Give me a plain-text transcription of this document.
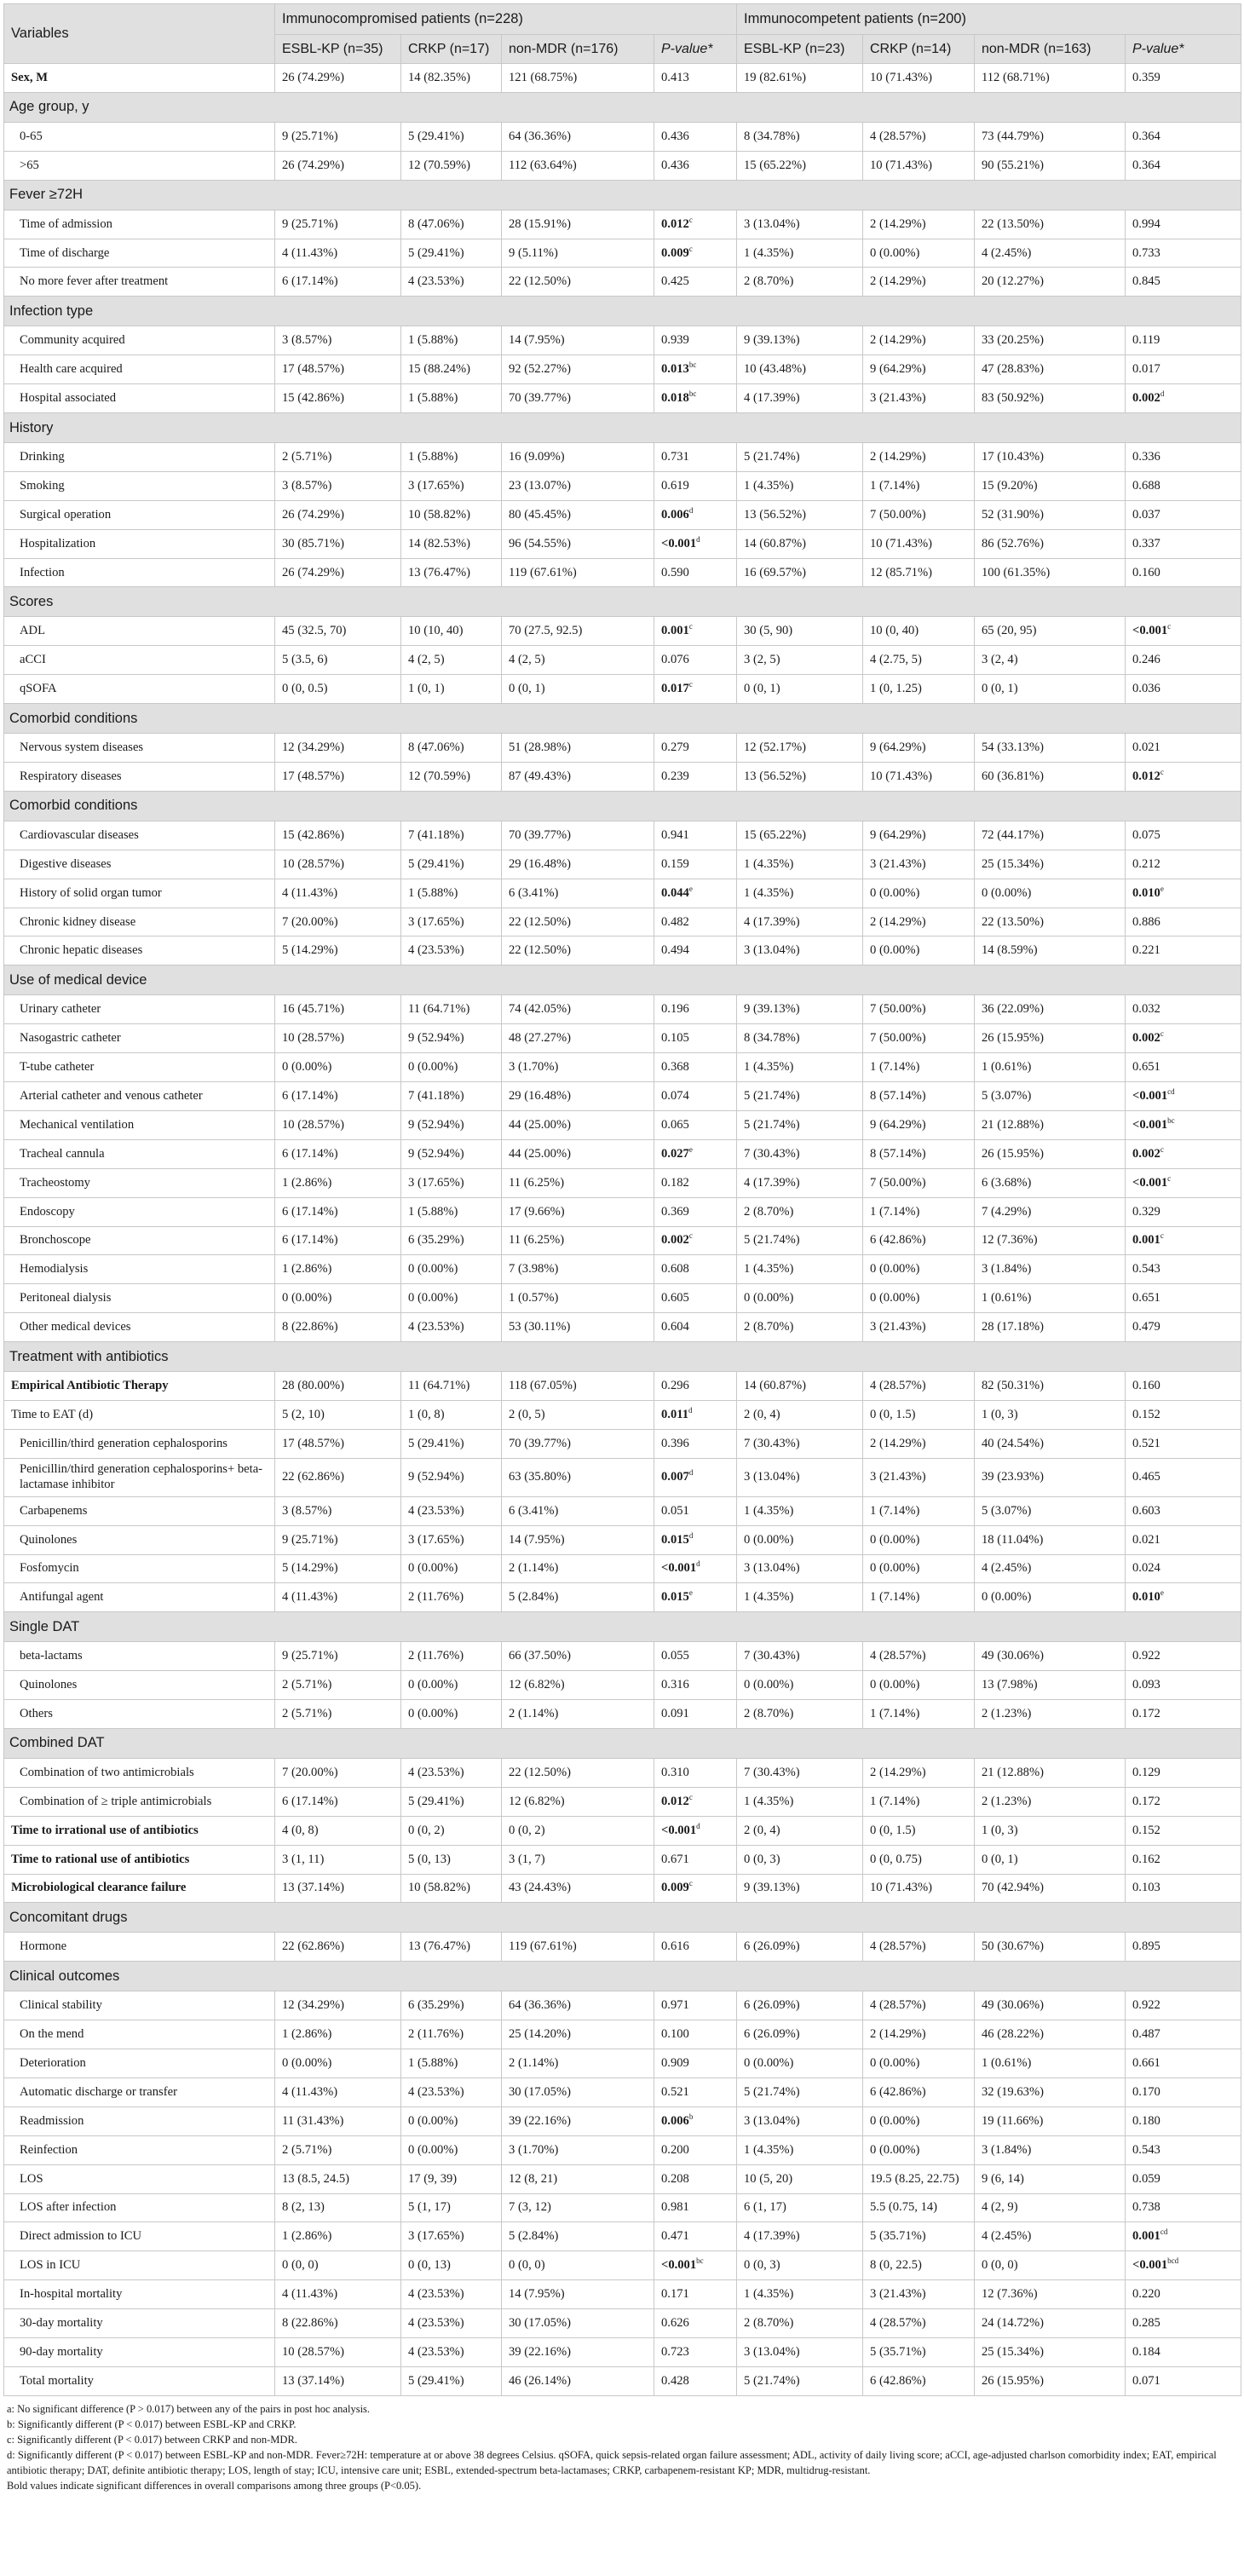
Variables	Immunocompromised patients (n=228)				Immunocompetent patients (n=200)			
	ESBL-KP (n=35)	CRKP (n=17)	non-MDR (n=176)	P-value*	ESBL-KP (n=23)	CRKP (n=14)	non-MDR (n=163)	P-value*
Sex, M	26 (74.29%)	14 (82.35%)	121 (68.75%)	0.413	19 (82.61%)	10 (71.43%)	112 (68.71%)	0.359
Age group, y								
0-65	9 (25.71%)	5 (29.41%)	64 (36.36%)	0.436	8 (34.78%)	4 (28.57%)	73 (44.79%)	0.364
>65	26 (74.29%)	12 (70.59%)	112 (63.64%)	0.436	15 (65.22%)	10 (71.43%)	90 (55.21%)	0.364
Fever ≥72H								
Time of admission	9 (25.71%)	8 (47.06%)	28 (15.91%)	0.012$^c$	3 (13.04%)	2 (14.29%)	22 (13.50%)	0.994
Time of discharge	4 (11.43%)	5 (29.41%)	9 (5.11%)	0.009$^c$	1 (4.35%)	0 (0.00%)	4 (2.45%)	0.733
No more fever after treatment	6 (17.14%)	4 (23.53%)	22 (12.50%)	0.425	2 (8.70%)	2 (14.29%)	20 (12.27%)	0.845
Infection type								
Community acquired	3 (8.57%)	1 (5.88%)	14 (7.95%)	0.939	9 (39.13%)	2 (14.29%)	33 (20.25%)	0.119
Health care acquired	17 (48.57%)	15 (88.24%)	92 (52.27%)	0.013$^{bc}$	10 (43.48%)	9 (64.29%)	47 (28.83%)	0.017
Hospital associated	15 (42.86%)	1 (5.88%)	70 (39.77%)	0.018$^{bc}$	4 (17.39%)	3 (21.43%)	83 (50.92%)	0.002$^d$
History								
Drinking	2 (5.71%)	1 (5.88%)	16 (9.09%)	0.731	5 (21.74%)	2 (14.29%)	17 (10.43%)	0.336
Smoking	3 (8.57%)	3 (17.65%)	23 (13.07%)	0.619	1 (4.35%)	1 (7.14%)	15 (9.20%)	0.688
Surgical operation	26 (74.29%)	10 (58.82%)	80 (45.45%)	0.006$^d$	13 (56.52%)	7 (50.00%)	52 (31.90%)	0.037
Hospitalization	30 (85.71%)	14 (82.53%)	96 (54.55%)	<0.001$^d$	14 (60.87%)	10 (71.43%)	86 (52.76%)	0.337
Infection	26 (74.29%)	13 (76.47%)	119 (67.61%)	0.590	16 (69.57%)	12 (85.71%)	100 (61.35%)	0.160
Scores								
ADL	45 (32.5, 70)	10 (10, 40)	70 (27.5, 92.5)	0.001$^c$	30 (5, 90)	10 (0, 40)	65 (20, 95)	<0.001$^c$
aCCI	5 (3.5, 6)	4 (2, 5)	4 (2, 5)	0.076	3 (2, 5)	4 (2.75, 5)	3 (2, 4)	0.246
qSOFA	0 (0, 0.5)	1 (0, 1)	0 (0, 1)	0.017$^c$	0 (0, 1)	1 (0, 1.25)	0 (0, 1)	0.036
Comorbid conditions								
Nervous system diseases	12 (34.29%)	8 (47.06%)	51 (28.98%)	0.279	12 (52.17%)	9 (64.29%)	54 (33.13%)	0.021
Respiratory diseases	17 (48.57%)	12 (70.59%)	87 (49.43%)	0.239	13 (56.52%)	10 (71.43%)	60 (36.81%)	0.012$^c$
Comorbid conditions								
Cardiovascular diseases	15 (42.86%)	7 (41.18%)	70 (39.77%)	0.941	15 (65.22%)	9 (64.29%)	72 (44.17%)	0.075
Digestive diseases	10 (28.57%)	5 (29.41%)	29 (16.48%)	0.159	1 (4.35%)	3 (21.43%)	25 (15.34%)	0.212
History of solid organ tumor	4 (11.43%)	1 (5.88%)	6 (3.41%)	0.044e	1 (4.35%)	0 (0.00%)	0 (0.00%)	0.010e
Chronic kidney disease	7 (20.00%)	3 (17.65%)	22 (12.50%)	0.482	4 (17.39%)	2 (14.29%)	22 (13.50%)	0.886
Chronic hepatic diseases	5 (14.29%)	4 (23.53%)	22 (12.50%)	0.494	3 (13.04%)	0 (0.00%)	14 (8.59%)	0.221
Use of medical device								
Urinary catheter	16 (45.71%)	11 (64.71%)	74 (42.05%)	0.196	9 (39.13%)	7 (50.00%)	36 (22.09%)	0.032
Nasogastric catheter	10 (28.57%)	9 (52.94%)	48 (27.27%)	0.105	8 (34.78%)	7 (50.00%)	26 (15.95%)	0.002$^c$
T-tube catheter	0 (0.00%)	0 (0.00%)	3 (1.70%)	0.368	1 (4.35%)	1 (7.14%)	1 (0.61%)	0.651
Arterial catheter and venous catheter	6 (17.14%)	7 (41.18%)	29 (16.48%)	0.074	5 (21.74%)	8 (57.14%)	5 (3.07%)	<0.001$^{cd}$
Mechanical ventilation	10 (28.57%)	9 (52.94%)	44 (25.00%)	0.065	5 (21.74%)	9 (64.29%)	21 (12.88%)	<0.001$^{bc}$
Tracheal cannula	6 (17.14%)	9 (52.94%)	44 (25.00%)	0.027e	7 (30.43%)	8 (57.14%)	26 (15.95%)	0.002$^c$
Tracheostomy	1 (2.86%)	3 (17.65%)	11 (6.25%)	0.182	4 (17.39%)	7 (50.00%)	6 (3.68%)	<0.001$^c$
Endoscopy	6 (17.14%)	1 (5.88%)	17 (9.66%)	0.369	2 (8.70%)	1 (7.14%)	7 (4.29%)	0.329
Bronchoscope	6 (17.14%)	6 (35.29%)	11 (6.25%)	0.002$^c$	5 (21.74%)	6 (42.86%)	12 (7.36%)	0.001$^c$
Hemodialysis	1 (2.86%)	0 (0.00%)	7 (3.98%)	0.608	1 (4.35%)	0 (0.00%)	3 (1.84%)	0.543
Peritoneal dialysis	0 (0.00%)	0 (0.00%)	1 (0.57%)	0.605	0 (0.00%)	0 (0.00%)	1 (0.61%)	0.651
Other medical devices	8 (22.86%)	4 (23.53%)	53 (30.11%)	0.604	2 (8.70%)	3 (21.43%)	28 (17.18%)	0.479
Treatment with antibiotics								
Empirical Antibiotic Therapy	28 (80.00%)	11 (64.71%)	118 (67.05%)	0.296	14 (60.87%)	4 (28.57%)	82 (50.31%)	0.160
Time to EAT (d)	5 (2, 10)	1 (0, 8)	2 (0, 5)	0.011$^d$	2 (0, 4)	0 (0, 1.5)	1 (0, 3)	0.152
Penicillin/third generation cephalosporins	17 (48.57%)	5 (29.41%)	70 (39.77%)	0.396	7 (30.43%)	2 (14.29%)	40 (24.54%)	0.521
Penicillin/third generation cephalosporins+ beta-lactamase inhibitor	22 (62.86%)	9 (52.94%)	63 (35.80%)	0.007$^d$	3 (13.04%)	3 (21.43%)	39 (23.93%)	0.465
Carbapenems	3 (8.57%)	4 (23.53%)	6 (3.41%)	0.051	1 (4.35%)	1 (7.14%)	5 (3.07%)	0.603
Quinolones	9 (25.71%)	3 (17.65%)	14 (7.95%)	0.015$^d$	0 (0.00%)	0 (0.00%)	18 (11.04%)	0.021
Fosfomycin	5 (14.29%)	0 (0.00%)	2 (1.14%)	<0.001$^d$	3 (13.04%)	0 (0.00%)	4 (2.45%)	0.024
Antifungal agent	4 (11.43%)	2 (11.76%)	5 (2.84%)	0.015e	1 (4.35%)	1 (7.14%)	0 (0.00%)	0.010e
Single DAT								
beta-lactams	9 (25.71%)	2 (11.76%)	66 (37.50%)	0.055	7 (30.43%)	4 (28.57%)	49 (30.06%)	0.922
Quinolones	2 (5.71%)	0 (0.00%)	12 (6.82%)	0.316	0 (0.00%)	0 (0.00%)	13 (7.98%)	0.093
Others	2 (5.71%)	0 (0.00%)	2 (1.14%)	0.091	2 (8.70%)	1 (7.14%)	2 (1.23%)	0.172
Combined DAT								
Combination of two antimicrobials	7 (20.00%)	4 (23.53%)	22 (12.50%)	0.310	7 (30.43%)	2 (14.29%)	21 (12.88%)	0.129
Combination of ≥ triple antimicrobials	6 (17.14%)	5 (29.41%)	12 (6.82%)	0.012$^c$	1 (4.35%)	1 (7.14%)	2 (1.23%)	0.172
Time to irrational use of antibiotics	4 (0, 8)	0 (0, 2)	0 (0, 2)	<0.001$^d$	2 (0, 4)	0 (0, 1.5)	1 (0, 3)	0.152
Time to rational use of antibiotics	3 (1, 11)	5 (0, 13)	3 (1, 7)	0.671	0 (0, 3)	0 (0, 0.75)	0 (0, 1)	0.162
Microbiological clearance failure	13 (37.14%)	10 (58.82%)	43 (24.43%)	0.009$^c$	9 (39.13%)	10 (71.43%)	70 (42.94%)	0.103
Concomitant drugs								
Hormone	22 (62.86%)	13 (76.47%)	119 (67.61%)	0.616	6 (26.09%)	4 (28.57%)	50 (30.67%)	0.895
Clinical outcomes								
Clinical stability	12 (34.29%)	6 (35.29%)	64 (36.36%)	0.971	6 (26.09%)	4 (28.57%)	49 (30.06%)	0.922
On the mend	1 (2.86%)	2 (11.76%)	25 (14.20%)	0.100	6 (26.09%)	2 (14.29%)	46 (28.22%)	0.487
Deterioration	0 (0.00%)	1 (5.88%)	2 (1.14%)	0.909	0 (0.00%)	0 (0.00%)	1 (0.61%)	0.661
Automatic discharge or transfer	4 (11.43%)	4 (23.53%)	30 (17.05%)	0.521	5 (21.74%)	6 (42.86%)	32 (19.63%)	0.170
Readmission	11 (31.43%)	0 (0.00%)	39 (22.16%)	0.006$^b$	3 (13.04%)	0 (0.00%)	19 (11.66%)	0.180
Reinfection	2 (5.71%)	0 (0.00%)	3 (1.70%)	0.200	1 (4.35%)	0 (0.00%)	3 (1.84%)	0.543
LOS	13 (8.5, 24.5)	17 (9, 39)	12 (8, 21)	0.208	10 (5, 20)	19.5 (8.25, 22.75)	9 (6, 14)	0.059
LOS after infection	8 (2, 13)	5 (1, 17)	7 (3, 12)	0.981	6 (1, 17)	5.5 (0.75, 14)	4 (2, 9)	0.738
Direct admission to ICU	1 (2.86%)	3 (17.65%)	5 (2.84%)	0.471	4 (17.39%)	5 (35.71%)	4 (2.45%)	0.001$^{cd}$
LOS in ICU	0 (0, 0)	0 (0, 13)	0 (0, 0)	<0.001$^{bc}$	0 (0, 3)	8 (0, 22.5)	0 (0, 0)	<0.001$^{bcd}$
In-hospital mortality	4 (11.43%)	4 (23.53%)	14 (7.95%)	0.171	1 (4.35%)	3 (21.43%)	12 (7.36%)	0.220
30-day mortality	8 (22.86%)	4 (23.53%)	30 (17.05%)	0.626	2 (8.70%)	4 (28.57%)	24 (14.72%)	0.285
90-day mortality	10 (28.57%)	4 (23.53%)	39 (22.16%)	0.723	3 (13.04%)	5 (35.71%)	25 (15.34%)	0.184
Total mortality	13 (37.14%)	5 (29.41%)	46 (26.14%)	0.428	5 (21.74%)	6 (42.86%)	26 (15.95%)	0.071
a: No significant difference (P > 0.017) between any of the pairs in post hoc analysis.
b: Significantly different (P < 0.017) between ESBL-KP and CRKP.
c: Significantly different (P < 0.017) between CRKP and non-MDR.
d: Significantly different (P < 0.017) between ESBL-KP and non-MDR. Fever≥72H: temperature at or above 38 degrees Celsius. qSOFA, quick sepsis-related organ failure assessment; ADL, activity of daily living score; aCCI, age-adjusted charlson comorbidity index; EAT, empirical antibiotic therapy; DAT, definite antibiotic therapy; LOS, length of stay; ICU, intensive care unit; ESBL, extended-spectrum beta-lactamases; CRKP, carbapenem-resistant KP; MDR, multidrug-resistant.
Bold values indicate significant differences in overall comparisons among three groups (P<0.05).
